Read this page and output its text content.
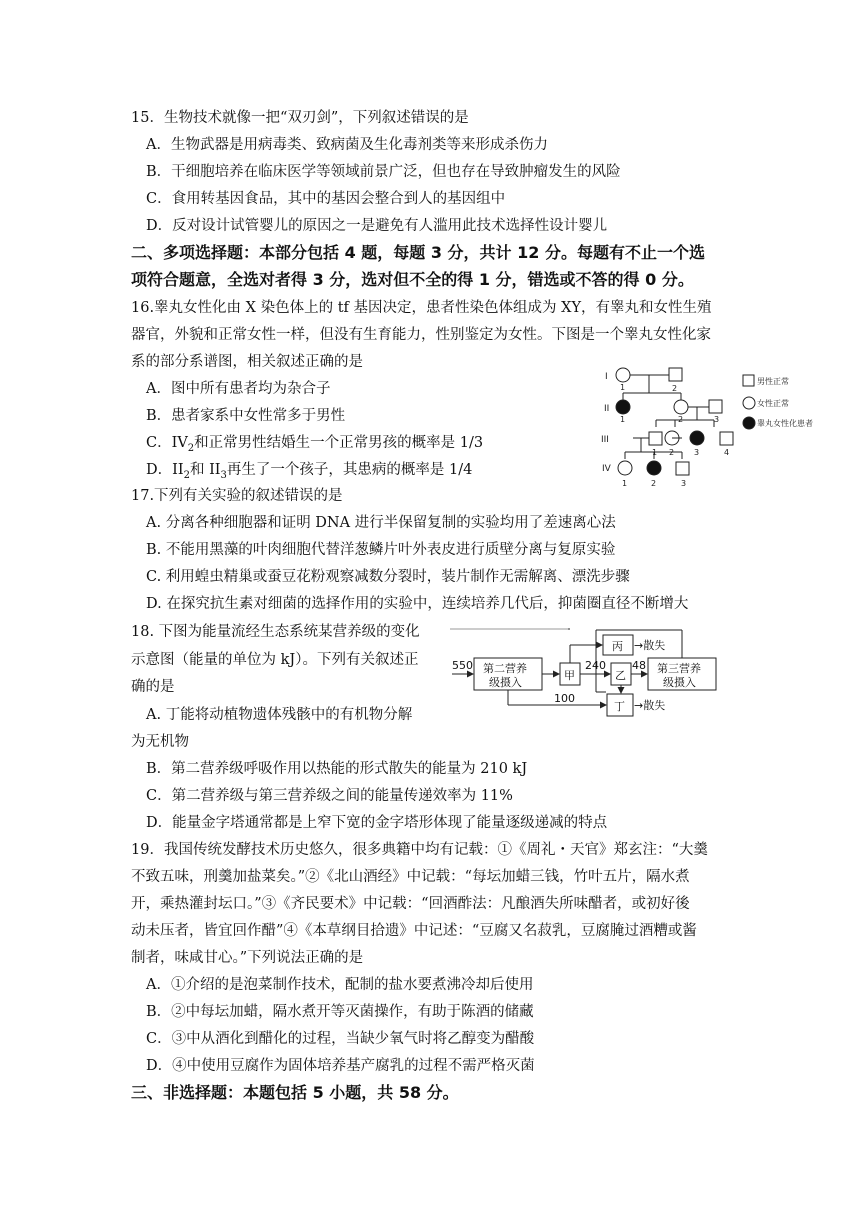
15．生物技术就像一把“双刃剑”，下列叙述错误的是
A．生物武器是用病毒类、致病菌及生化毒剂类等来形成杀伤力
B．干细胞培养在临床医学等领域前景广泛，但也存在导致肿瘤发生的风险
C．食用转基因食品，其中的基因会整合到人的基因组中
D．反对设计试管婴儿的原因之一是避免有人滥用此技术选择性设计婴儿
二、多项选择题：本部分包括 4 题，每题 3 分，共计 12 分。每题有不止一个选
项符合题意，全选对者得 3 分，选对但不全的得 1 分，错选或不答的得 0 分。
16.睾丸女性化由 X 染色体上的 tf 基因决定，患者性染色体组成为 XY，有睾丸和女性生殖
器官，外貌和正常女性一样，但没有生育能力，性别鉴定为女性。下图是一个睾丸女性化家
系的部分系谱图，相关叙述正确的是
A．图中所有患者均为杂合子
B．患者家系中女性常多于男性
C．$IV_2$和正常男性结婚生一个正常男孩的概率是 1/3
D．$II_2$和 $II_3$再生了一个孩子，其患病的概率是 1/4
I
II
III
IV
1	2
1	2	3
1 2 3	4
1	2	3
男性正常
女性正常
睾丸女性化患者
17.下列有关实验的叙述错误的是
A. 分离各种细胞器和证明 DNA 进行半保留复制的实验均用了差速离心法
B. 不能用黑藻的叶肉细胞代替洋葱鳞片叶外表皮进行质壁分离与复原实验
C. 利用蝗虫精巢或蚕豆花粉观察减数分裂时，装片制作无需解离、漂洗步骤
D. 在探究抗生素对细菌的选择作用的实验中，连续培养几代后，抑菌圈直径不断增大
18. 下图为能量流经生态系统某营养级的变化
示意图（能量的单位为 kJ）。下列有关叙述正
确的是
A. 丁能将动植物遗体残骸中的有机物分解
为无机物
B．第二营养级呼吸作用以热能的形式散失的能量为 210 kJ
C．第二营养级与第三营养级之间的能量传递效率为 11%
D．能量金字塔通常都是上窄下宽的金字塔形体现了能量逐级递减的特点
550 第二营养
级摄入
甲	乙
丙
丁
第三营养
级摄入
240 48
100
→散失
→散失
19．我国传统发酵技术历史悠久，很多典籍中均有记载：①《周礼・天官》郑玄注：“大羹
不致五味，刑羹加盐菜矣。”②《北山酒经》中记载：“每坛加蜡三钱，竹叶五片，隔水煮
开，乘热灌封坛口。”③《齐民要术》中记载：“回酒酢法：凡酿酒失所味醋者，或初好後
动未压者，皆宜回作醋”④《本草纲目拾遗》中记述：“豆腐又名菽乳，豆腐腌过酒糟或酱
制者，味咸甘心。”下列说法正确的是
A．①介绍的是泡菜制作技术，配制的盐水要煮沸冷却后使用
B．②中每坛加蜡，隔水煮开等灭菌操作，有助于陈酒的储藏
C．③中从酒化到醋化的过程，当缺少氧气时将乙醇变为醋酸
D．④中使用豆腐作为固体培养基产腐乳的过程不需严格灭菌
三、非选择题：本题包括 5 小题，共 58 分。
